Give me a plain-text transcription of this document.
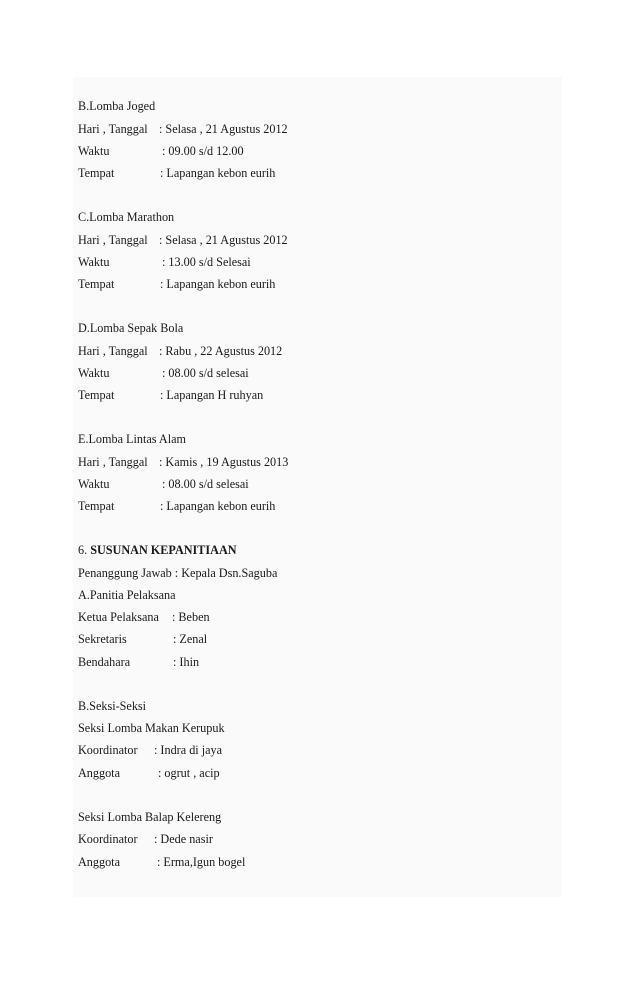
B.Lomba Joged
Hari , Tanggal : Selasa , 21 Agustus 2012
Waktu	: 09.00 s/d 12.00
Tempat	: Lapangan kebon eurih
C.Lomba Marathon
Hari , Tanggal : Selasa , 21 Agustus 2012
Waktu	: 13.00 s/d Selesai
Tempat	: Lapangan kebon eurih
D.Lomba Sepak Bola
Hari , Tanggal : Rabu , 22 Agustus 2012
Waktu	: 08.00 s/d selesai
Tempat	: Lapangan H ruhyan
E.Lomba Lintas Alam
Hari , Tanggal : Kamis , 19 Agustus 2013
Waktu	: 08.00 s/d selesai
Tempat	: Lapangan kebon eurih
6. SUSUNAN KEPANITIAAN
Penanggung Jawab : Kepala Dsn.Saguba
A.Panitia Pelaksana
Ketua Pelaksana : Beben
Sekretaris	: Zenal
Bendahara	: Ihin
B.Seksi-Seksi
Seksi Lomba Makan Kerupuk
Koordinator : Indra di jaya
Anggota	: ogrut , acip
Seksi Lomba Balap Kelereng
Koordinator : Dede nasir
Anggota	: Erma,Igun bogel
